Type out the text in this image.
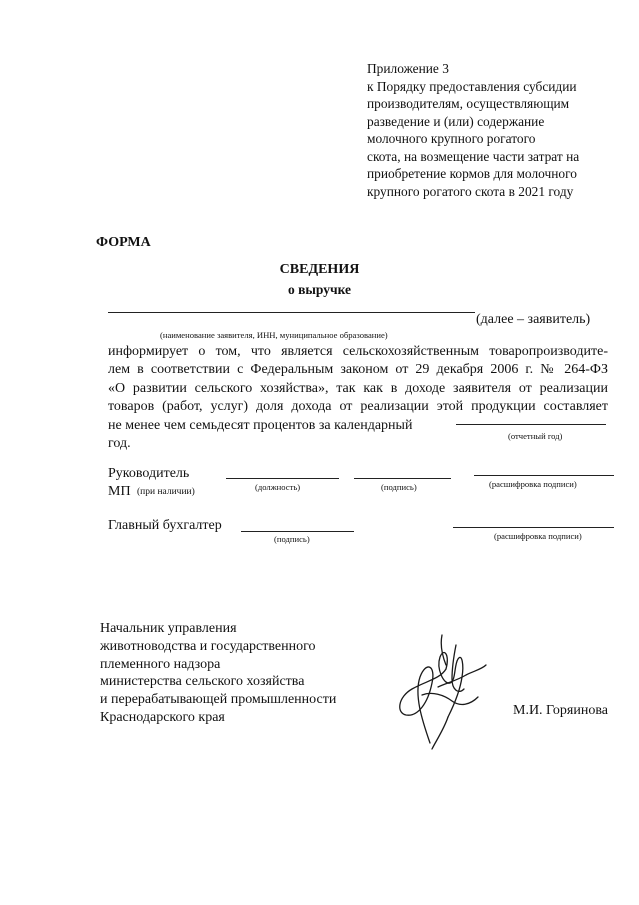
Приложение 3
к Порядку предоставления субсидии
производителям, осуществляющим
разведение и (или) содержание
молочного крупного рогатого
скота, на возмещение части затрат на
приобретение кормов для молочного
крупного рогатого скота в 2021 году
ФОРМА
СВЕДЕНИЯ
о выручке
(далее – заявитель)
(наименование заявителя, ИНН, муниципальное образование)
информирует о том, что является сельскохозяйственным товаропроизводите-
лем в соответствии с Федеральным законом от 29 декабря 2006 г. № 264-ФЗ
«О развитии сельского хозяйства», так как в доходе заявителя от реализации
товаров (работ, услуг) доля дохода от реализации этой продукции составляет
не менее чем семьдесят процентов за календарный
год.
(отчетный год)
Руководитель
МП (при наличии)	(должность)	(подпись)	(расшифровка подписи)
Главный бухгалтер
(подпись)	(расшифровка подписи)
Начальник управления
животноводства и государственного
племенного надзора
министерства сельского хозяйства
и перерабатывающей промышленности
Краснодарского края	М.И. Горяинова
